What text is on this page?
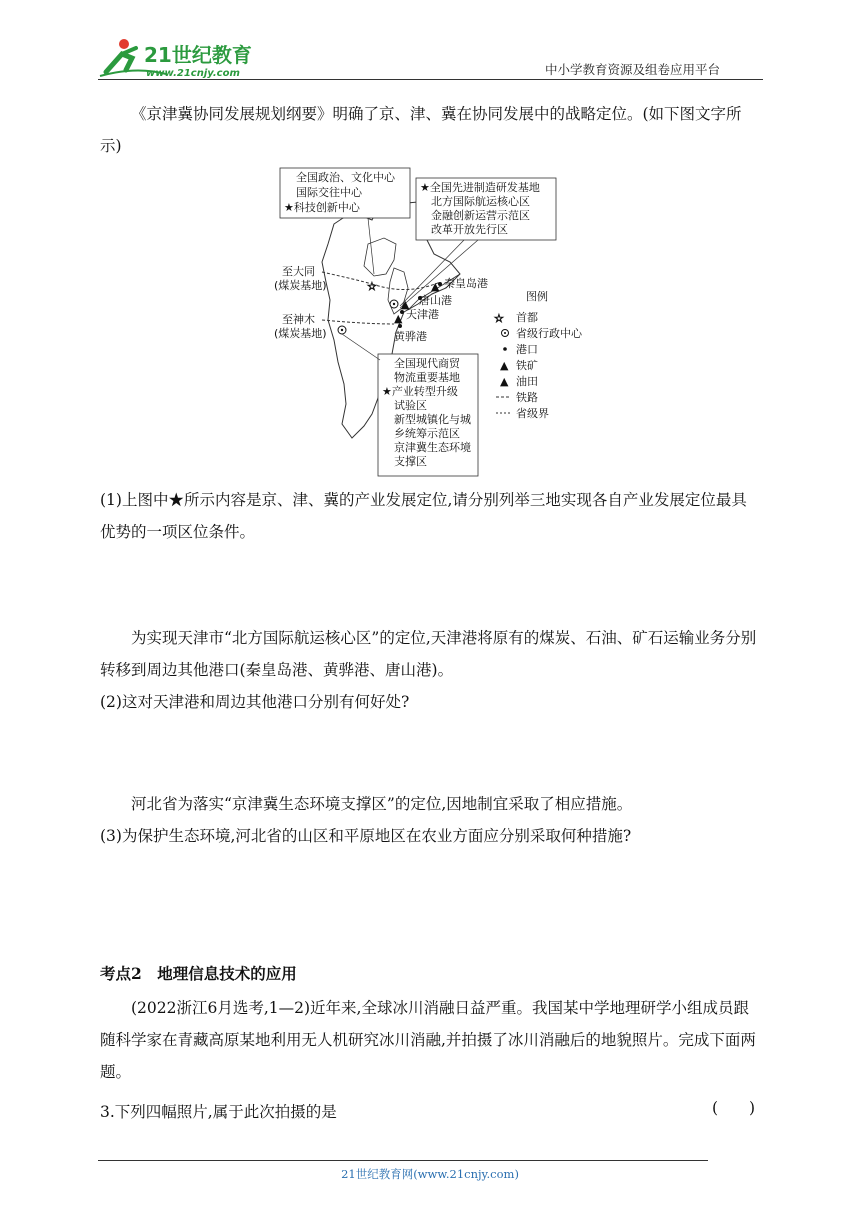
21世纪教育
www.21cnjy.com	中小学教育资源及组卷应用平台
《京津冀协同发展规划纲要》明确了京、津、冀在协同发展中的战略定位。(如下图文字所示)
全国政治、文化中心
国际交往中心
★科技创新中心
★全国先进制造研发基地
北方国际航运核心区
金融创新运营示范区
改革开放先行区
☆	秦皇岛港
唐山港
天津港
黄骅港
▲
▲
▲
至大同
(煤炭基地)
至神木
(煤炭基地)
全国现代商贸
物流重要基地
★产业转型升级
试验区
新型城镇化与城
乡统筹示范区
京津冀生态环境
支撑区
图例
☆ 首都
省级行政中心
港口
▲ 铁矿
▲ 油田
铁路
省级界
(1)上图中★所示内容是京、津、冀的产业发展定位,请分别列举三地实现各自产业发展定位最具优势的一项区位条件。
为实现天津市“北方国际航运核心区”的定位,天津港将原有的煤炭、石油、矿石运输业务分别转移到周边其他港口(秦皇岛港、黄骅港、唐山港)。
(2)这对天津港和周边其他港口分别有何好处?
河北省为落实“京津冀生态环境支撑区”的定位,因地制宜采取了相应措施。
(3)为保护生态环境,河北省的山区和平原地区在农业方面应分别采取何种措施?
考点2　地理信息技术的应用
(2022浙江6月选考,1—2)近年来,全球冰川消融日益严重。我国某中学地理研学小组成员跟随科学家在青藏高原某地利用无人机研究冰川消融,并拍摄了冰川消融后的地貌照片。完成下面两题。
3.下列四幅照片,属于此次拍摄的是	(　　)
21世纪教育网(www.21cnjy.com)
